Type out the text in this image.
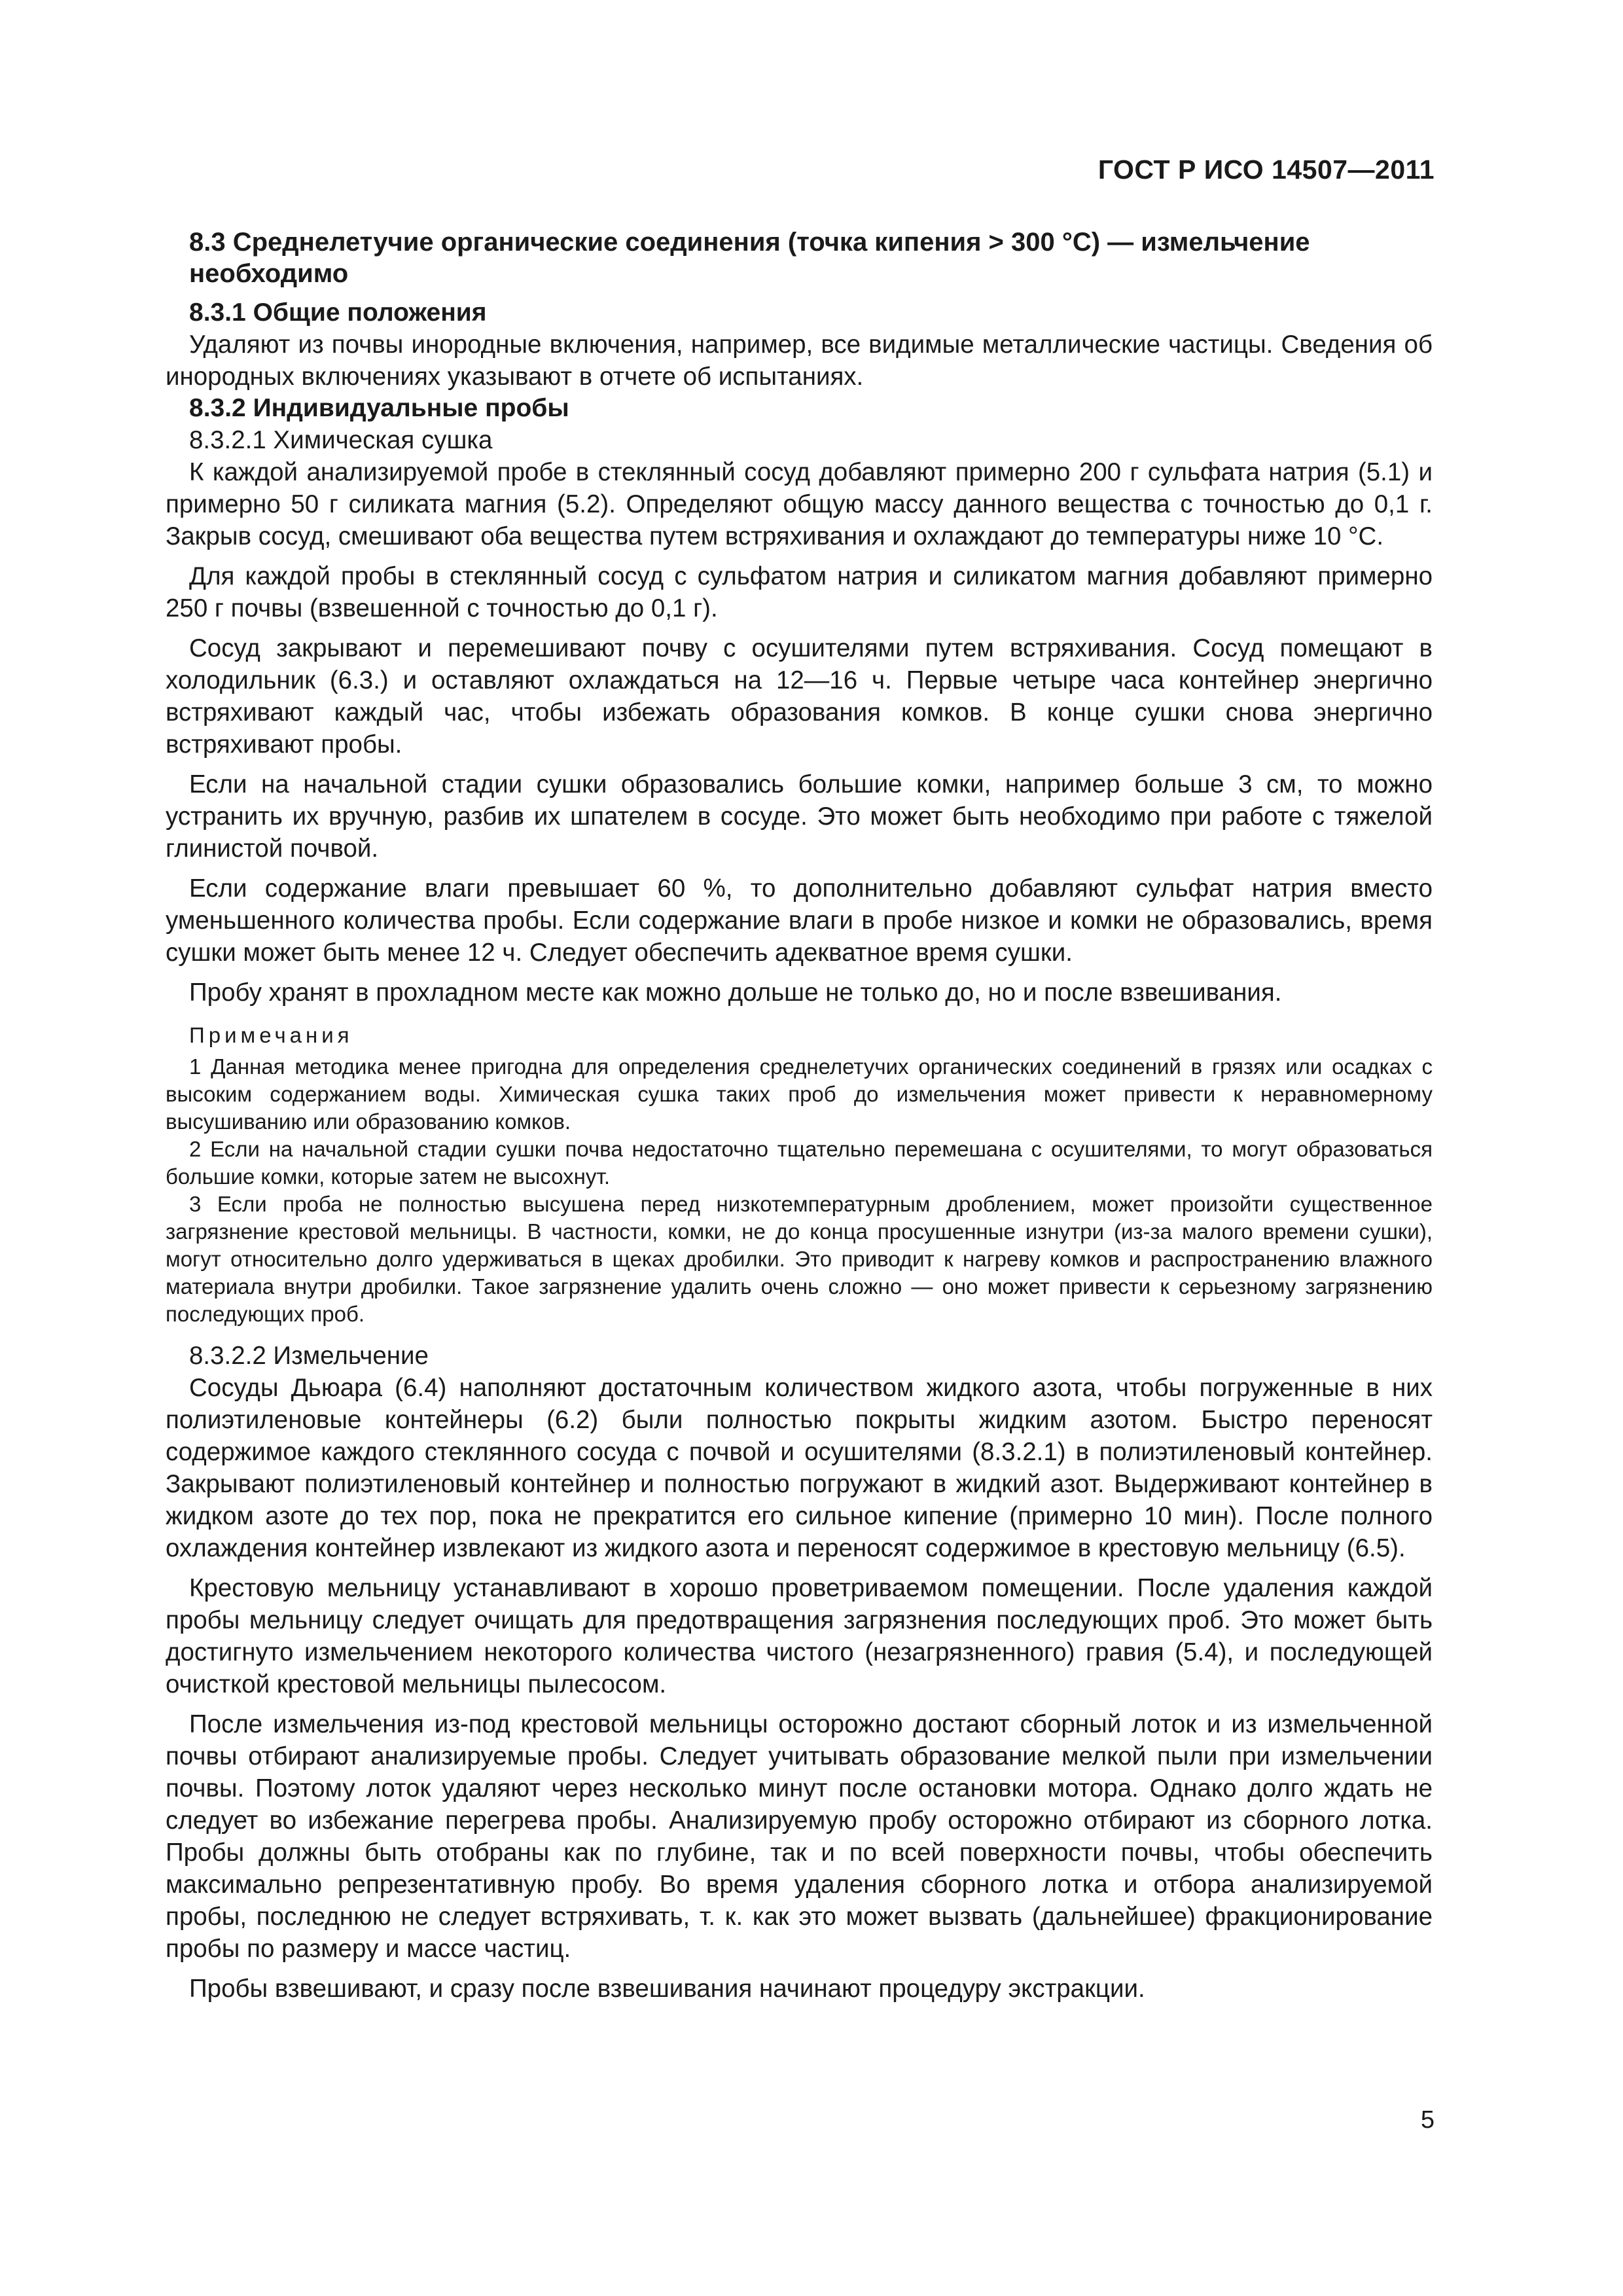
ГОСТ Р ИСО 14507—2011
8.3 Среднелетучие органические соединения (точка кипения > 300 °С) — измельчение необходимо
8.3.1 Общие положения

Удаляют из почвы инородные включения, например, все видимые металлические частицы. Сведения об инородных включениях указывают в отчете об испытаниях.

8.3.2 Индивидуальные пробы
8.3.2.1 Химическая сушка

К каждой анализируемой пробе в стеклянный сосуд добавляют примерно 200 г сульфата натрия (5.1) и примерно 50 г силиката магния (5.2). Определяют общую массу данного вещества с точностью до 0,1 г. Закрыв сосуд, смешивают оба вещества путем встряхивания и охлаждают до температуры ниже 10 °С.

Для каждой пробы в стеклянный сосуд с сульфатом натрия и силикатом магния добавляют примерно 250 г почвы (взвешенной с точностью до 0,1 г).

Сосуд закрывают и перемешивают почву с осушителями путем встряхивания. Сосуд помещают в холодильник (6.3.) и оставляют охлаждаться на 12—16 ч. Первые четыре часа контейнер энергично встряхивают каждый час, чтобы избежать образования комков. В конце сушки снова энергично встряхивают пробы.

Если на начальной стадии сушки образовались большие комки, например больше 3 см, то можно устранить их вручную, разбив их шпателем в сосуде. Это может быть необходимо при работе с тяжелой глинистой почвой.

Если содержание влаги превышает 60 %, то дополнительно добавляют сульфат натрия вместо уменьшенного количества пробы. Если содержание влаги в пробе низкое и комки не образовались, время сушки может быть менее 12 ч. Следует обеспечить адекватное время сушки.

Пробу хранят в прохладном месте как можно дольше не только до, но и после взвешивания.

Примечания

1 Данная методика менее пригодна для определения среднелетучих органических соединений в грязях или осадках с высоким содержанием воды. Химическая сушка таких проб до измельчения может привести к неравномерному высушиванию или образованию комков.

2 Если на начальной стадии сушки почва недостаточно тщательно перемешана с осушителями, то могут образоваться большие комки, которые затем не высохнут.

3 Если проба не полностью высушена перед низкотемпературным дроблением, может произойти существенное загрязнение крестовой мельницы. В частности, комки, не до конца просушенные изнутри (из-за малого времени сушки), могут относительно долго удерживаться в щеках дробилки. Это приводит к нагреву комков и распространению влажного материала внутри дробилки. Такое загрязнение удалить очень сложно — оно может привести к серьезному загрязнению последующих проб.

8.3.2.2 Измельчение

Сосуды Дьюара (6.4) наполняют достаточным количеством жидкого азота, чтобы погруженные в них полиэтиленовые контейнеры (6.2) были полностью покрыты жидким азотом. Быстро переносят содержимое каждого стеклянного сосуда с почвой и осушителями (8.3.2.1) в полиэтиленовый контейнер. Закрывают полиэтиленовый контейнер и полностью погружают в жидкий азот. Выдерживают контейнер в жидком азоте до тех пор, пока не прекратится его сильное кипение (примерно 10 мин). После полного охлаждения контейнер извлекают из жидкого азота и переносят содержимое в крестовую мельницу (6.5).

Крестовую мельницу устанавливают в хорошо проветриваемом помещении. После удаления каждой пробы мельницу следует очищать для предотвращения загрязнения последующих проб. Это может быть достигнуто измельчением некоторого количества чистого (незагрязненного) гравия (5.4), и последующей очисткой крестовой мельницы пылесосом.

После измельчения из-под крестовой мельницы осторожно достают сборный лоток и из измельченной почвы отбирают анализируемые пробы. Следует учитывать образование мелкой пыли при измельчении почвы. Поэтому лоток удаляют через несколько минут после остановки мотора. Однако долго ждать не следует во избежание перегрева пробы. Анализируемую пробу осторожно отбирают из сборного лотка. Пробы должны быть отобраны как по глубине, так и по всей поверхности почвы, чтобы обеспечить максимально репрезентативную пробу. Во время удаления сборного лотка и отбора анализируемой пробы, последнюю не следует встряхивать, т. к. как это может вызвать (дальнейшее) фракционирование пробы по размеру и массе частиц.

Пробы взвешивают, и сразу после взвешивания начинают процедуру экстракции.

5
